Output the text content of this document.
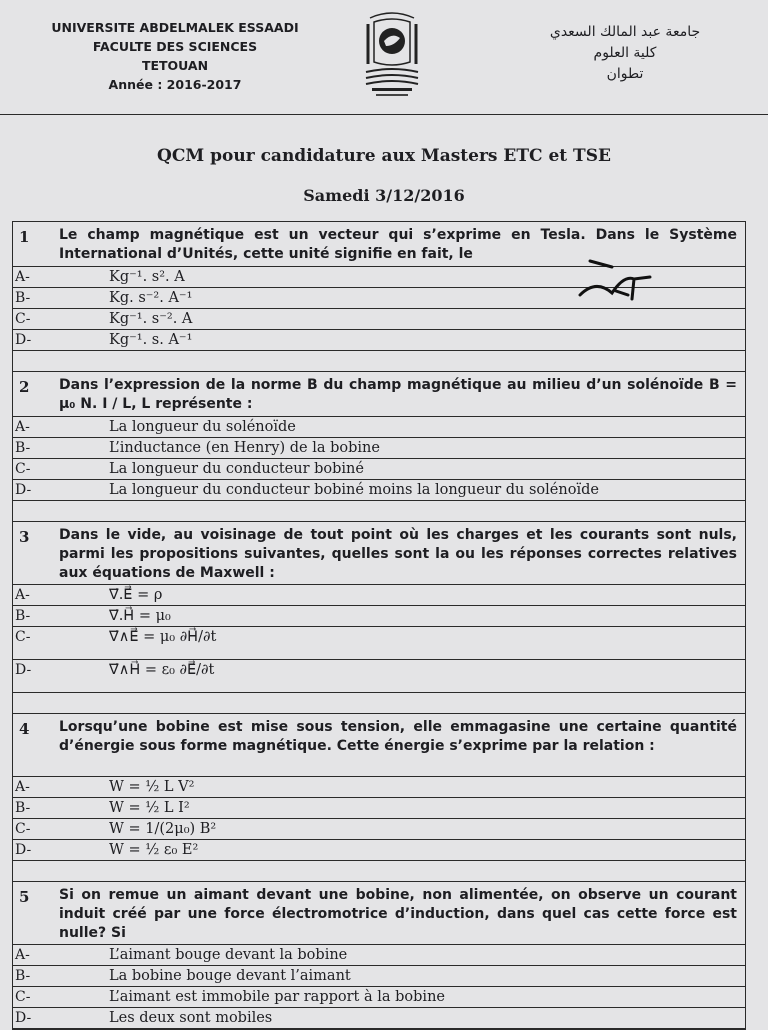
UNIVERSITE ABDELMALEK ESSAADI
FACULTE DES SCIENCES
TETOUAN
Année : 2016-2017
جامعة عبد المالك السعدي
كلية العلوم
تطوان
QCM pour candidature aux Masters ETC et TSE
Samedi 3/12/2016
1	Le champ magnétique est un vecteur qui s’exprime en Tesla. Dans le Système International d’Unités, cette unité signifie en fait, le
A-	Kg⁻¹. s². A
B-	Kg. s⁻². A⁻¹
C-	Kg⁻¹. s⁻². A
D-	Kg⁻¹. s. A⁻¹
2	Dans l’expression de la norme B du champ magnétique au milieu d’un solénoïde B = μ₀ N. I / L, L représente :
A-	La longueur du solénoïde
B-	L’inductance (en Henry) de la bobine
C-	La longueur du conducteur bobiné
D-	La longueur du conducteur bobiné moins la longueur du solénoïde
3	Dans le vide, au voisinage de tout point où les charges et les courants sont nuls, parmi les propositions suivantes, quelles sont la ou les réponses correctes relatives aux équations de Maxwell :
A-	∇⃗.E⃗ = ρ
B-	∇⃗.H⃗ = μ₀
C-	∇⃗∧E⃗ = μ₀ ∂H⃗/∂t
D-	∇⃗∧H⃗ = ε₀ ∂E⃗/∂t
4	Lorsqu’une bobine est mise sous tension, elle emmagasine une certaine quantité d’énergie sous forme magnétique. Cette énergie s’exprime par la relation :
A-	W = ½ L V²
B-	W = ½ L I²
C-	W = 1/(2μ₀) B²
D-	W = ½ ε₀ E²
5	Si on remue un aimant devant une bobine, non alimentée, on observe un courant induit créé par une force électromotrice d’induction, dans quel cas cette force est nulle? Si
A-	L’aimant bouge devant la bobine
B-	La bobine bouge devant l’aimant
C-	L’aimant est immobile par rapport à la bobine
D-	Les deux sont mobiles
